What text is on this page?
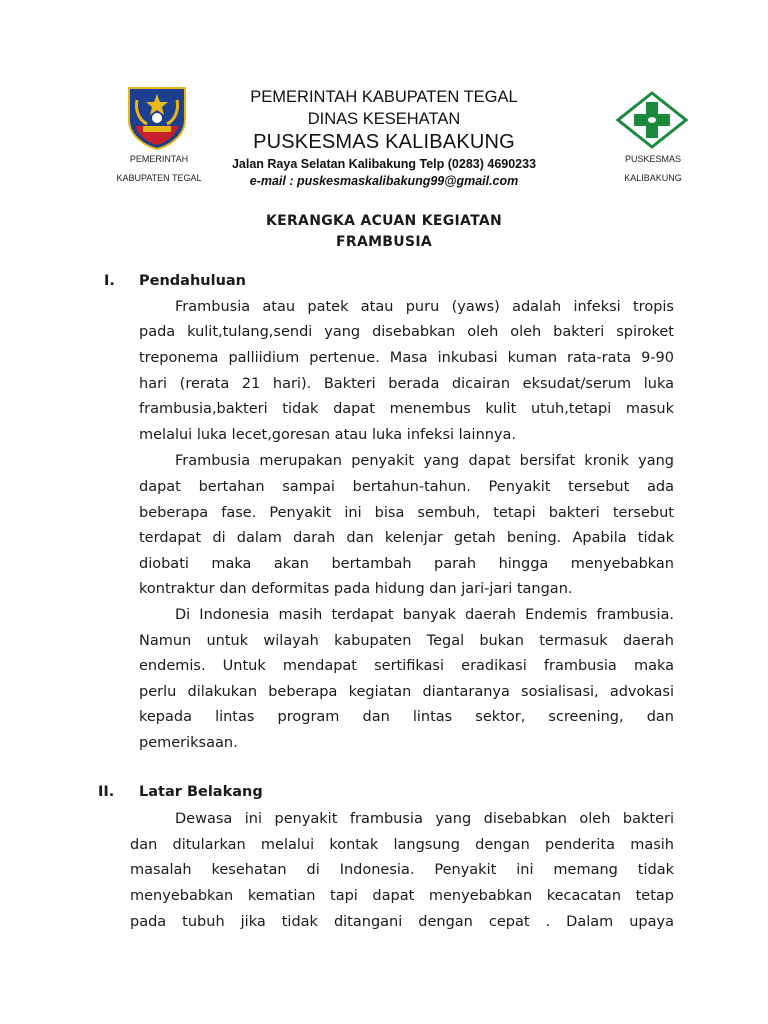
PEMERINTAH
KABUPATEN TEGAL
PEMERINTAH KABUPATEN TEGAL
DINAS KESEHATAN
PUSKESMAS KALIBAKUNG
Jalan Raya Selatan Kalibakung Telp (0283) 4690233
e-mail : puskesmaskalibakung99@gmail.com
PUSKESMAS
KALIBAKUNG
KERANGKA ACUAN KEGIATAN
FRAMBUSIA
I. Pendahuluan
Frambusia atau patek atau puru (yaws) adalah infeksi tropis
pada kulit,tulang,sendi yang disebabkan oleh oleh bakteri spiroket
treponema palliidium pertenue. Masa inkubasi kuman rata-rata 9-90
hari (rerata 21 hari). Bakteri berada dicairan eksudat/serum luka
frambusia,bakteri tidak dapat menembus kulit utuh,tetapi masuk
melalui luka lecet,goresan atau luka infeksi lainnya.
Frambusia merupakan penyakit yang dapat bersifat kronik yang
dapat bertahan sampai bertahun-tahun. Penyakit tersebut ada
beberapa fase. Penyakit ini bisa sembuh, tetapi bakteri tersebut
terdapat di dalam darah dan kelenjar getah bening. Apabila tidak
diobati maka akan bertambah parah hingga menyebabkan
kontraktur dan deformitas pada hidung dan jari-jari tangan.
Di Indonesia masih terdapat banyak daerah Endemis frambusia.
Namun untuk wilayah kabupaten Tegal bukan termasuk daerah
endemis. Untuk mendapat sertifikasi eradikasi frambusia maka
perlu dilakukan beberapa kegiatan diantaranya sosialisasi, advokasi
kepada lintas program dan lintas sektor, screening, dan
pemeriksaan.
II. Latar Belakang
Dewasa ini penyakit frambusia yang disebabkan oleh bakteri
dan ditularkan melalui kontak langsung dengan penderita masih
masalah kesehatan di Indonesia. Penyakit ini memang tidak
menyebabkan kematian tapi dapat menyebabkan kecacatan tetap
pada tubuh jika tidak ditangani dengan cepat . Dalam upaya
